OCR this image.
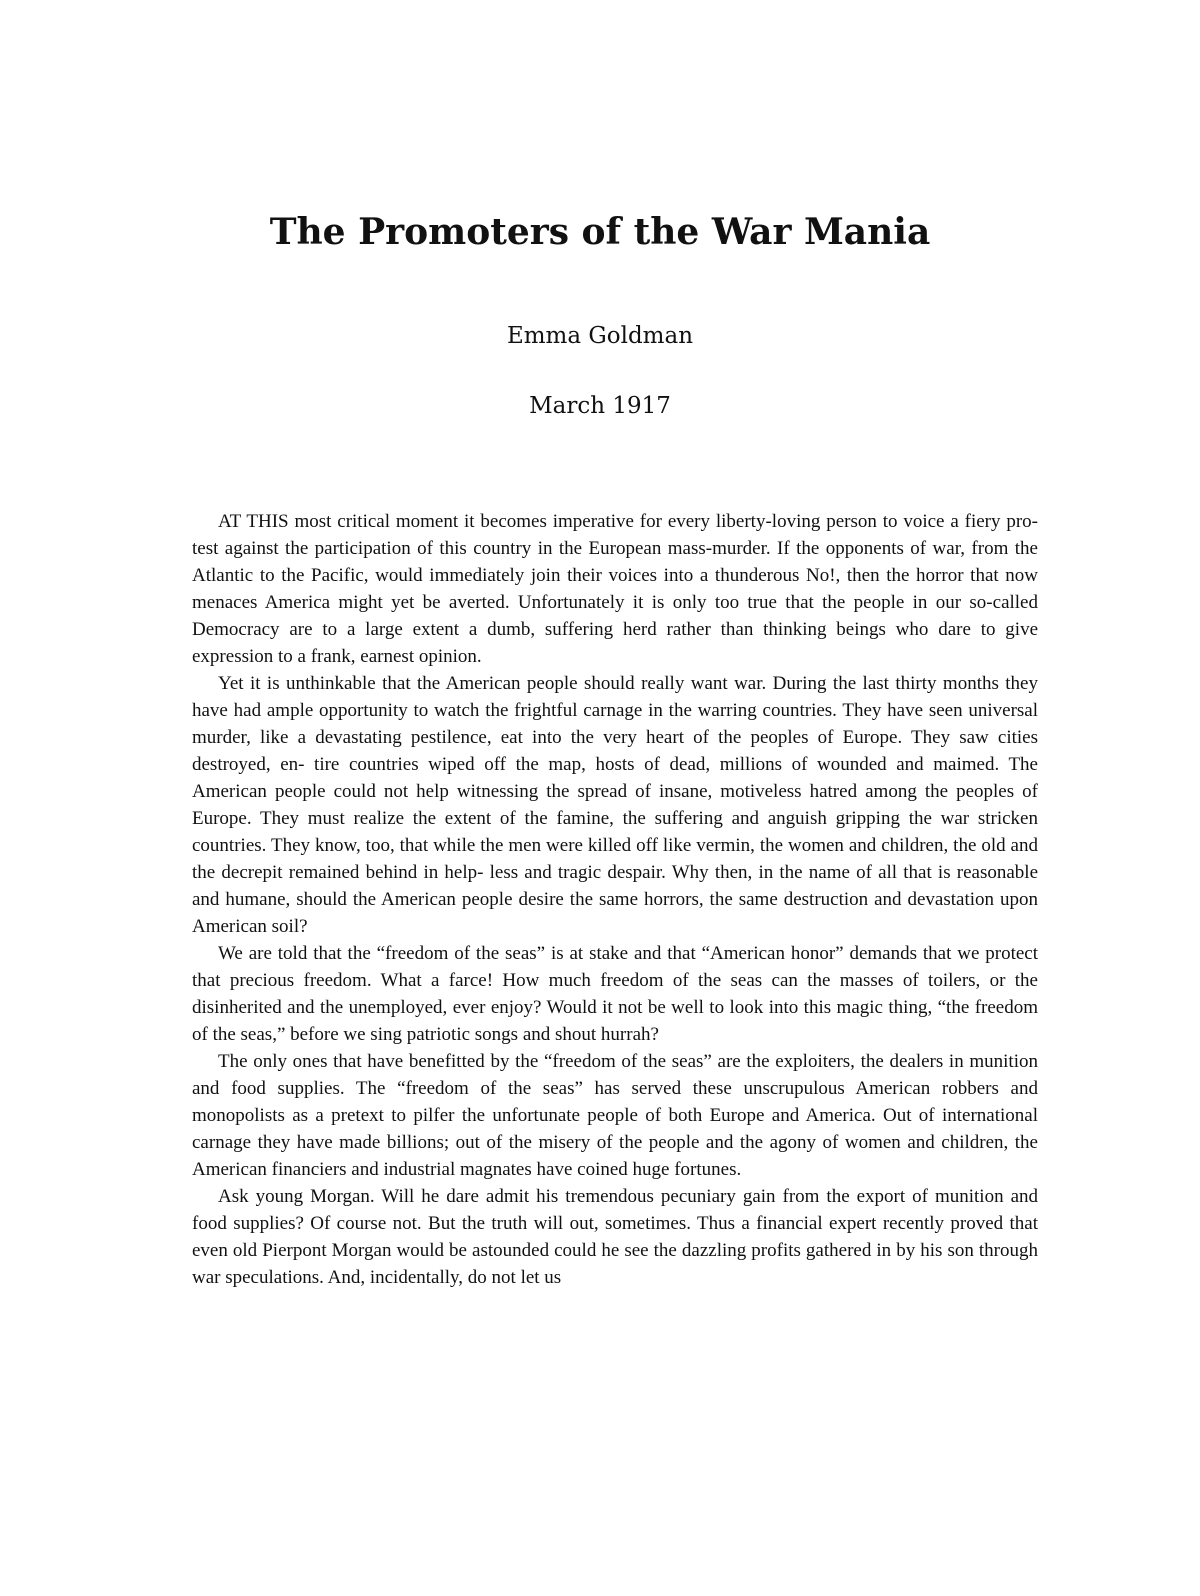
The Promoters of the War Mania
Emma Goldman
March 1917

AT THIS most critical moment it becomes imperative for every liberty-loving person to voice a fiery pro- test against the participation of this country in the European mass-murder. If the opponents of war, from the Atlantic to the Pacific, would immediately join their voices into a thunderous No!, then the horror that now menaces America might yet be averted. Unfortunately it is only too true that the people in our so-called Democracy are to a large extent a dumb, suffering herd rather than thinking beings who dare to give expression to a frank, earnest opinion.

Yet it is unthinkable that the American people should really want war. During the last thirty months they have had ample opportunity to watch the frightful carnage in the warring countries. They have seen universal murder, like a devastating pestilence, eat into the very heart of the peoples of Europe. They saw cities destroyed, en- tire countries wiped off the map, hosts of dead, millions of wounded and maimed. The American people could not help witnessing the spread of insane, motiveless hatred among the peoples of Europe. They must realize the extent of the famine, the suffering and anguish gripping the war stricken countries. They know, too, that while the men were killed off like vermin, the women and children, the old and the decrepit remained behind in help- less and tragic despair. Why then, in the name of all that is reasonable and humane, should the American people desire the same horrors, the same destruction and devastation upon American soil?

We are told that the “freedom of the seas” is at stake and that “American honor” demands that we protect that precious freedom. What a farce! How much freedom of the seas can the masses of toilers, or the disinherited and the unemployed, ever enjoy? Would it not be well to look into this magic thing, “the freedom of the seas,” before we sing patriotic songs and shout hurrah?

The only ones that have benefitted by the “freedom of the seas” are the exploiters, the dealers in munition and food supplies. The “freedom of the seas” has served these unscrupulous American robbers and monopolists as a pretext to pilfer the unfortunate people of both Europe and America. Out of international carnage they have made billions; out of the misery of the people and the agony of women and children, the American financiers and industrial magnates have coined huge fortunes.

Ask young Morgan. Will he dare admit his tremendous pecuniary gain from the export of munition and food supplies? Of course not. But the truth will out, sometimes. Thus a financial expert recently proved that even old Pierpont Morgan would be astounded could he see the dazzling profits gathered in by his son through war speculations. And, incidentally, do not let us
